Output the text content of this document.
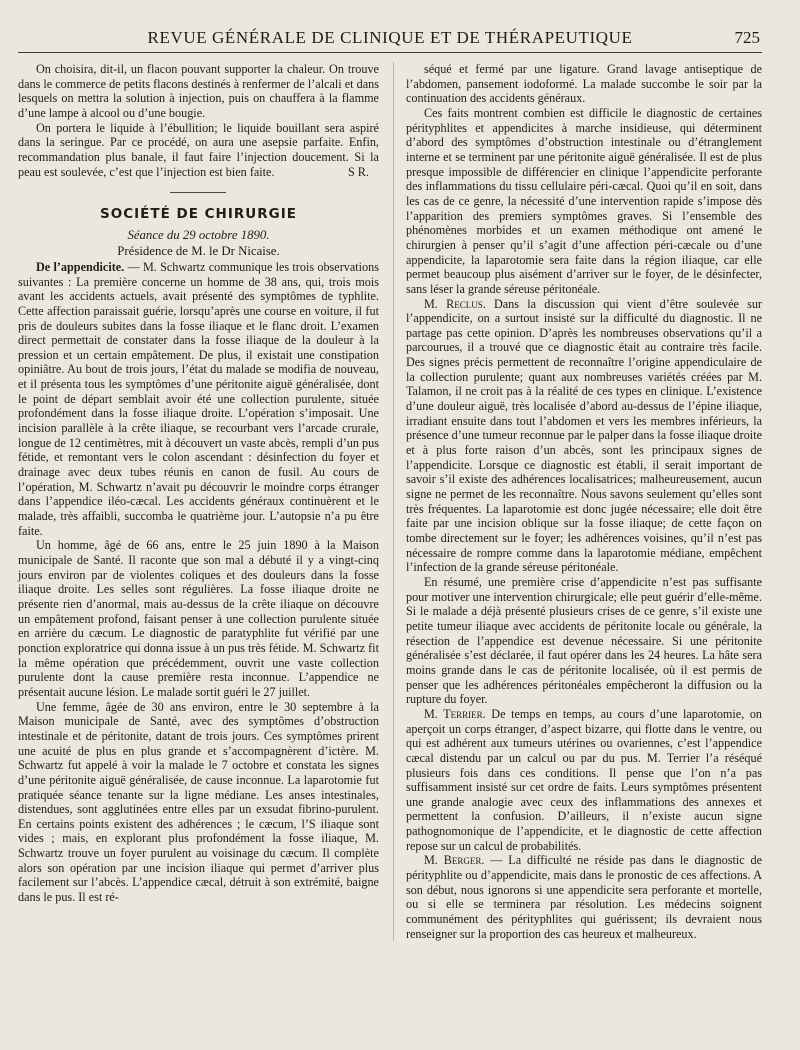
REVUE GÉNÉRALE DE CLINIQUE ET DE THÉRAPEUTIQUE	725

On choisira, dit-il, un flacon pouvant supporter la chaleur. On trouve dans le commerce de petits flacons destinés à renfermer de l’alcali et dans lesquels on mettra la solution à injection, puis on chauffera à la flamme d’une lampe à alcool ou d’une bougie.

On portera le liquide à l’ébullition; le liquide bouillant sera aspiré dans la seringue. Par ce procédé, on aura une asepsie parfaite. Enfin, recommandation plus banale, il faut faire l’injection doucement. Si la peau est soulevée, c’est que l’injection est bien faite.	S R.
SOCIÉTÉ DE CHIRURGIE
Séance du 29 octobre 1890.
Présidence de M. le Dr Nicaise.

De l’appendicite. — M. Schwartz communique les trois observations suivantes : La première concerne un homme de 38 ans, qui, trois mois avant les accidents actuels, avait présenté des symptômes de typhlite. Cette affection paraissait guérie, lorsqu’après une course en voiture, il fut pris de douleurs subites dans la fosse iliaque et le flanc droit. L’examen direct permettait de constater dans la fosse iliaque de la douleur à la pression et un certain empâtement. De plus, il existait une constipation opiniâtre. Au bout de trois jours, l’état du malade se modifia de nouveau, et il présenta tous les symptômes d’une péritonite aiguë généralisée, dont le point de départ semblait avoir été une collection purulente, située profondément dans la fosse iliaque droite. L’opération s’imposait. Une incision parallèle à la crête iliaque, se recourbant vers l’arcade crurale, longue de 12 centimètres, mit à découvert un vaste abcès, rempli d’un pus fétide, et remontant vers le colon ascendant : désinfection du foyer et drainage avec deux tubes réunis en canon de fusil. Au cours de l’opération, M. Schwartz n’avait pu découvrir le moindre corps étranger dans l’appendice iléo-cæcal. Les accidents généraux continuèrent et le malade, très affaibli, succomba le quatrième jour. L’autopsie n’a pu être faite.

Un homme, âgé de 66 ans, entre le 25 juin 1890 à la Maison municipale de Santé. Il raconte que son mal a débuté il y a vingt-cinq jours environ par de violentes coliques et des douleurs dans la fosse iliaque droite. Les selles sont régulières. La fosse iliaque droite ne présente rien d’anormal, mais au-dessus de la crête iliaque on découvre un empâtement profond, faisant penser à une collection purulente située en arrière du cæcum. Le diagnostic de paratyphlite fut vérifié par une ponction exploratrice qui donna issue à un pus très fétide. M. Schwartz fit la même opération que précédemment, ouvrit une vaste collection purulente dont la cause première resta inconnue. L’appendice ne présentait aucune lésion. Le malade sortit guéri le 27 juillet.

Une femme, âgée de 30 ans environ, entre le 30 septembre à la Maison municipale de Santé, avec des symptômes d’obstruction intestinale et de péritonite, datant de trois jours. Ces symptômes prirent une acuité de plus en plus grande et s’accompagnèrent d’ictère. M. Schwartz fut appelé à voir la malade le 7 octobre et constata les signes d’une péritonite aiguë généralisée, de cause inconnue. La laparotomie fut pratiquée séance tenante sur la ligne médiane. Les anses intestinales, distendues, sont agglutinées entre elles par un exsudat fibrino-purulent. En certains points existent des adhérences ; le cæcum, l’S iliaque sont vides ; mais, en explorant plus profondément la fosse iliaque, M. Schwartz trouve un foyer purulent au voisinage du cæcum. Il complète alors son opération par une incision iliaque qui permet d’arriver plus facilement sur l’abcès. L’appendice cæcal, détruit à son extrémité, baigne dans le pus. Il est ré-

séqué et fermé par une ligature. Grand lavage antiseptique de l’abdomen, pansement iodoformé. La malade succombe le soir par la continuation des accidents généraux.

Ces faits montrent combien est difficile le diagnostic de certaines pérityphlites et appendicites à marche insidieuse, qui déterminent d’abord des symptômes d’obstruction intestinale ou d’étranglement interne et se terminent par une péritonite aiguë généralisée. Il est de plus presque impossible de différencier en clinique l’appendicite perforante des inflammations du tissu cellulaire péri-cæcal. Quoi qu’il en soit, dans les cas de ce genre, la nécessité d’une intervention rapide s’impose dès l’apparition des premiers symptômes graves. Si l’ensemble des phénomènes morbides et un examen méthodique ont amené le chirurgien à penser qu’il s’agit d’une affection péri-cæcale ou d’une appendicite, la laparotomie sera faite dans la région iliaque, car elle permet beaucoup plus aisément d’arriver sur le foyer, de le désinfecter, sans léser la grande séreuse péritonéale.

M. Reclus. Dans la discussion qui vient d’être soulevée sur l’appendicite, on a surtout insisté sur la difficulté du diagnostic. Il ne partage pas cette opinion. D’après les nombreuses observations qu’il a parcourues, il a trouvé que ce diagnostic était au contraire très facile. Des signes précis permettent de reconnaître l’origine appendiculaire de la collection purulente; quant aux nombreuses variétés créées par M. Talamon, il ne croit pas à la réalité de ces types en clinique. L’existence d’une douleur aiguë, très localisée d’abord au-dessus de l’épine iliaque, irradiant ensuite dans tout l’abdomen et vers les membres inférieurs, la présence d’une tumeur reconnue par le palper dans la fosse iliaque droite et à plus forte raison d’un abcès, sont les principaux signes de l’appendicite. Lorsque ce diagnostic est établi, il serait important de savoir s’il existe des adhérences localisatrices; malheureusement, aucun signe ne permet de les reconnaître. Nous savons seulement qu’elles sont très fréquentes. La laparotomie est donc jugée nécessaire; elle doit être faite par une incision oblique sur la fosse iliaque; de cette façon on tombe directement sur le foyer; les adhérences voisines, qu’il n’est pas nécessaire de rompre comme dans la laparotomie médiane, empêchent l’infection de la grande séreuse péritonéale.

En résumé, une première crise d’appendicite n’est pas suffisante pour motiver une intervention chirurgicale; elle peut guérir d’elle-même. Si le malade a déjà présenté plusieurs crises de ce genre, s’il existe une petite tumeur iliaque avec accidents de péritonite locale ou générale, la résection de l’appendice est devenue nécessaire. Si une péritonite généralisée s’est déclarée, il faut opérer dans les 24 heures. La hâte sera moins grande dans le cas de péritonite localisée, où il est permis de penser que les adhérences péritonéales empêcheront la diffusion ou la rupture du foyer.

M. Terrier. De temps en temps, au cours d’une laparotomie, on aperçoit un corps étranger, d’aspect bizarre, qui flotte dans le ventre, ou qui est adhérent aux tumeurs utérines ou ovariennes, c’est l’appendice cæcal distendu par un calcul ou par du pus. M. Terrier l’a réséqué plusieurs fois dans ces conditions. Il pense que l’on n’a pas suffisamment insisté sur cet ordre de faits. Leurs symptômes présentent une grande analogie avec ceux des inflammations des annexes et permettent la confusion. D’ailleurs, il n’existe aucun signe pathognomonique de l’appendicite, et le diagnostic de cette affection repose sur un calcul de probabilités.

M. Berger. — La difficulté ne réside pas dans le diagnostic de pérityphlite ou d’appendicite, mais dans le pronostic de ces affections. A son début, nous ignorons si une appendicite sera perforante et mortelle, ou si elle se terminera par résolution. Les médecins soignent communément des pérityphlites qui guérissent; ils devraient nous renseigner sur la proportion des cas heureux et malheureux.
